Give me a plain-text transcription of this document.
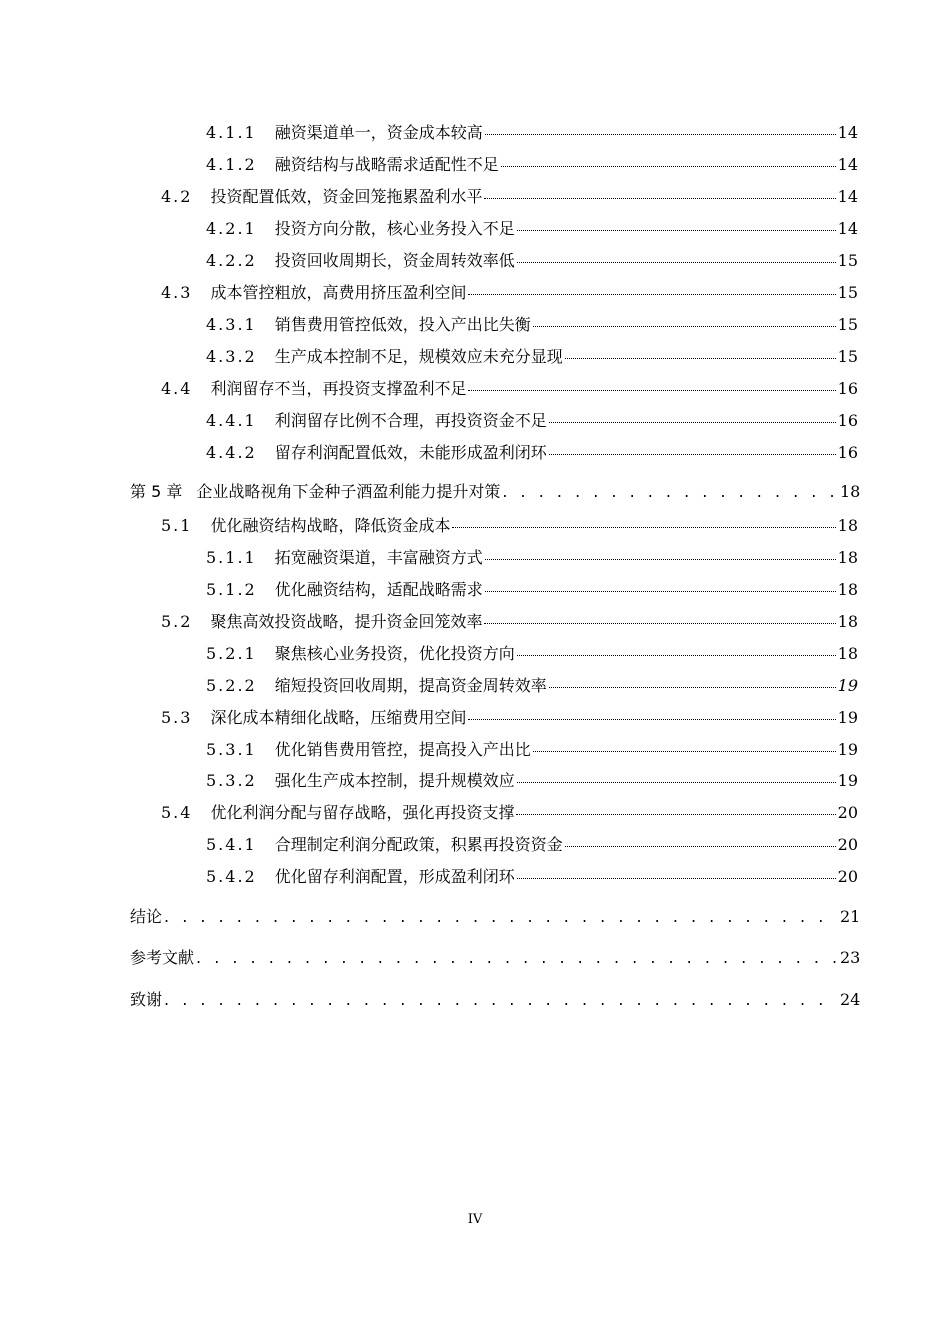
4.1.1 融资渠道单一，资金成本较高	14
4.1.2 融资结构与战略需求适配性不足	14
4.2 投资配置低效，资金回笼拖累盈利水平	14
4.2.1 投资方向分散，核心业务投入不足	14
4.2.2 投资回收周期长，资金周转效率低	15
4.3 成本管控粗放，高费用挤压盈利空间	15
4.3.1 销售费用管控低效，投入产出比失衡	15
4.3.2 生产成本控制不足，规模效应未充分显现	15
4.4 利润留存不当，再投资支撑盈利不足	16
4.4.1 利润留存比例不合理，再投资资金不足	16
4.4.2 留存利润配置低效，未能形成盈利闭环	16
第 5 章 企业战略视角下金种子酒盈利能力提升对策 . . .	18
5.1 优化融资结构战略，降低资金成本	18
5.1.1 拓宽融资渠道，丰富融资方式	18
5.1.2 优化融资结构，适配战略需求	18
5.2 聚焦高效投资战略，提升资金回笼效率	18
5.2.1 聚焦核心业务投资，优化投资方向	18
5.2.2 缩短投资回收周期，提高资金周转效率	19
5.3 深化成本精细化战略，压缩费用空间	19
5.3.1 优化销售费用管控，提高投入产出比	19
5.3.2 强化生产成本控制，提升规模效应	19
5.4 优化利润分配与留存战略，强化再投资支撑	20
5.4.1 合理制定利润分配政策，积累再投资资金	20
5.4.2 优化留存利润配置，形成盈利闭环	20
结论 . . .	21
参考文献 . . .	23
致谢 . . .	24
IV
